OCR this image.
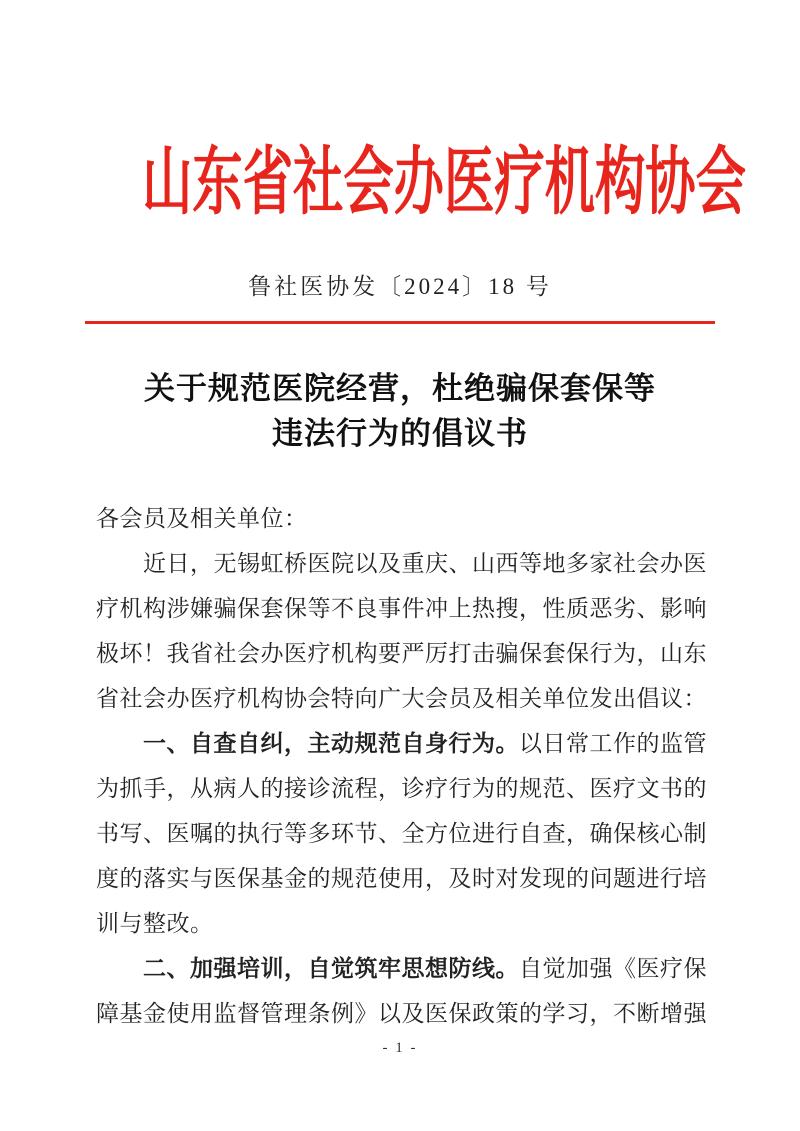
山东省社会办医疗机构协会
鲁社医协发〔2024〕18 号
关于规范医院经营，杜绝骗保套保等
违法行为的倡议书
各会员及相关单位：
近日，无锡虹桥医院以及重庆、山西等地多家社会办医
疗机构涉嫌骗保套保等不良事件冲上热搜，性质恶劣、影响
极坏！我省社会办医疗机构要严厉打击骗保套保行为，山东
省社会办医疗机构协会特向广大会员及相关单位发出倡议：
一、自查自纠，主动规范自身行为。以日常工作的监管
为抓手，从病人的接诊流程，诊疗行为的规范、医疗文书的
书写、医嘱的执行等多环节、全方位进行自查，确保核心制
度的落实与医保基金的规范使用，及时对发现的问题进行培
训与整改。
二、加强培训，自觉筑牢思想防线。自觉加强《医疗保
障基金使用监督管理条例》以及医保政策的学习，不断增强
- 1 -
